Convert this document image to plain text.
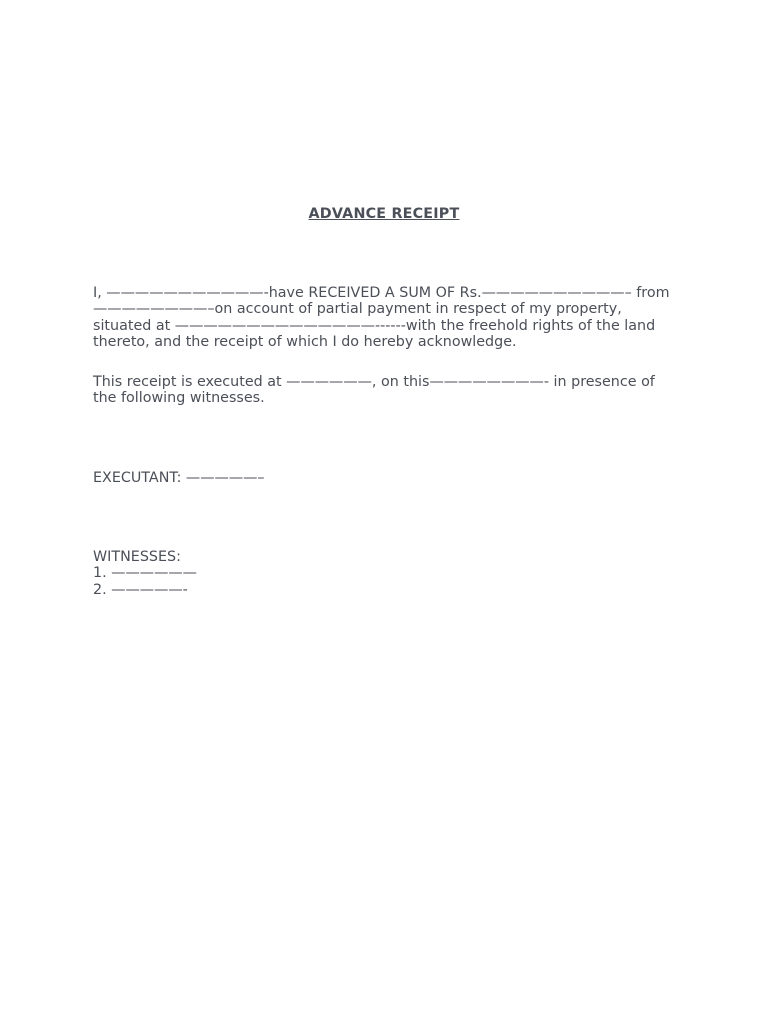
ADVANCE RECEIPT
I, ———————————-have RECEIVED A SUM OF Rs.——————————– from
————————–on account of partial payment in respect of my property,
situated at ——————————————------with the freehold rights of the land
thereto, and the receipt of which I do hereby acknowledge.
This receipt is executed at ——————, on this————————- in presence of
the following witnesses.
EXECUTANT: —————–
WITNESSES:
1. ——————
2. —————-
